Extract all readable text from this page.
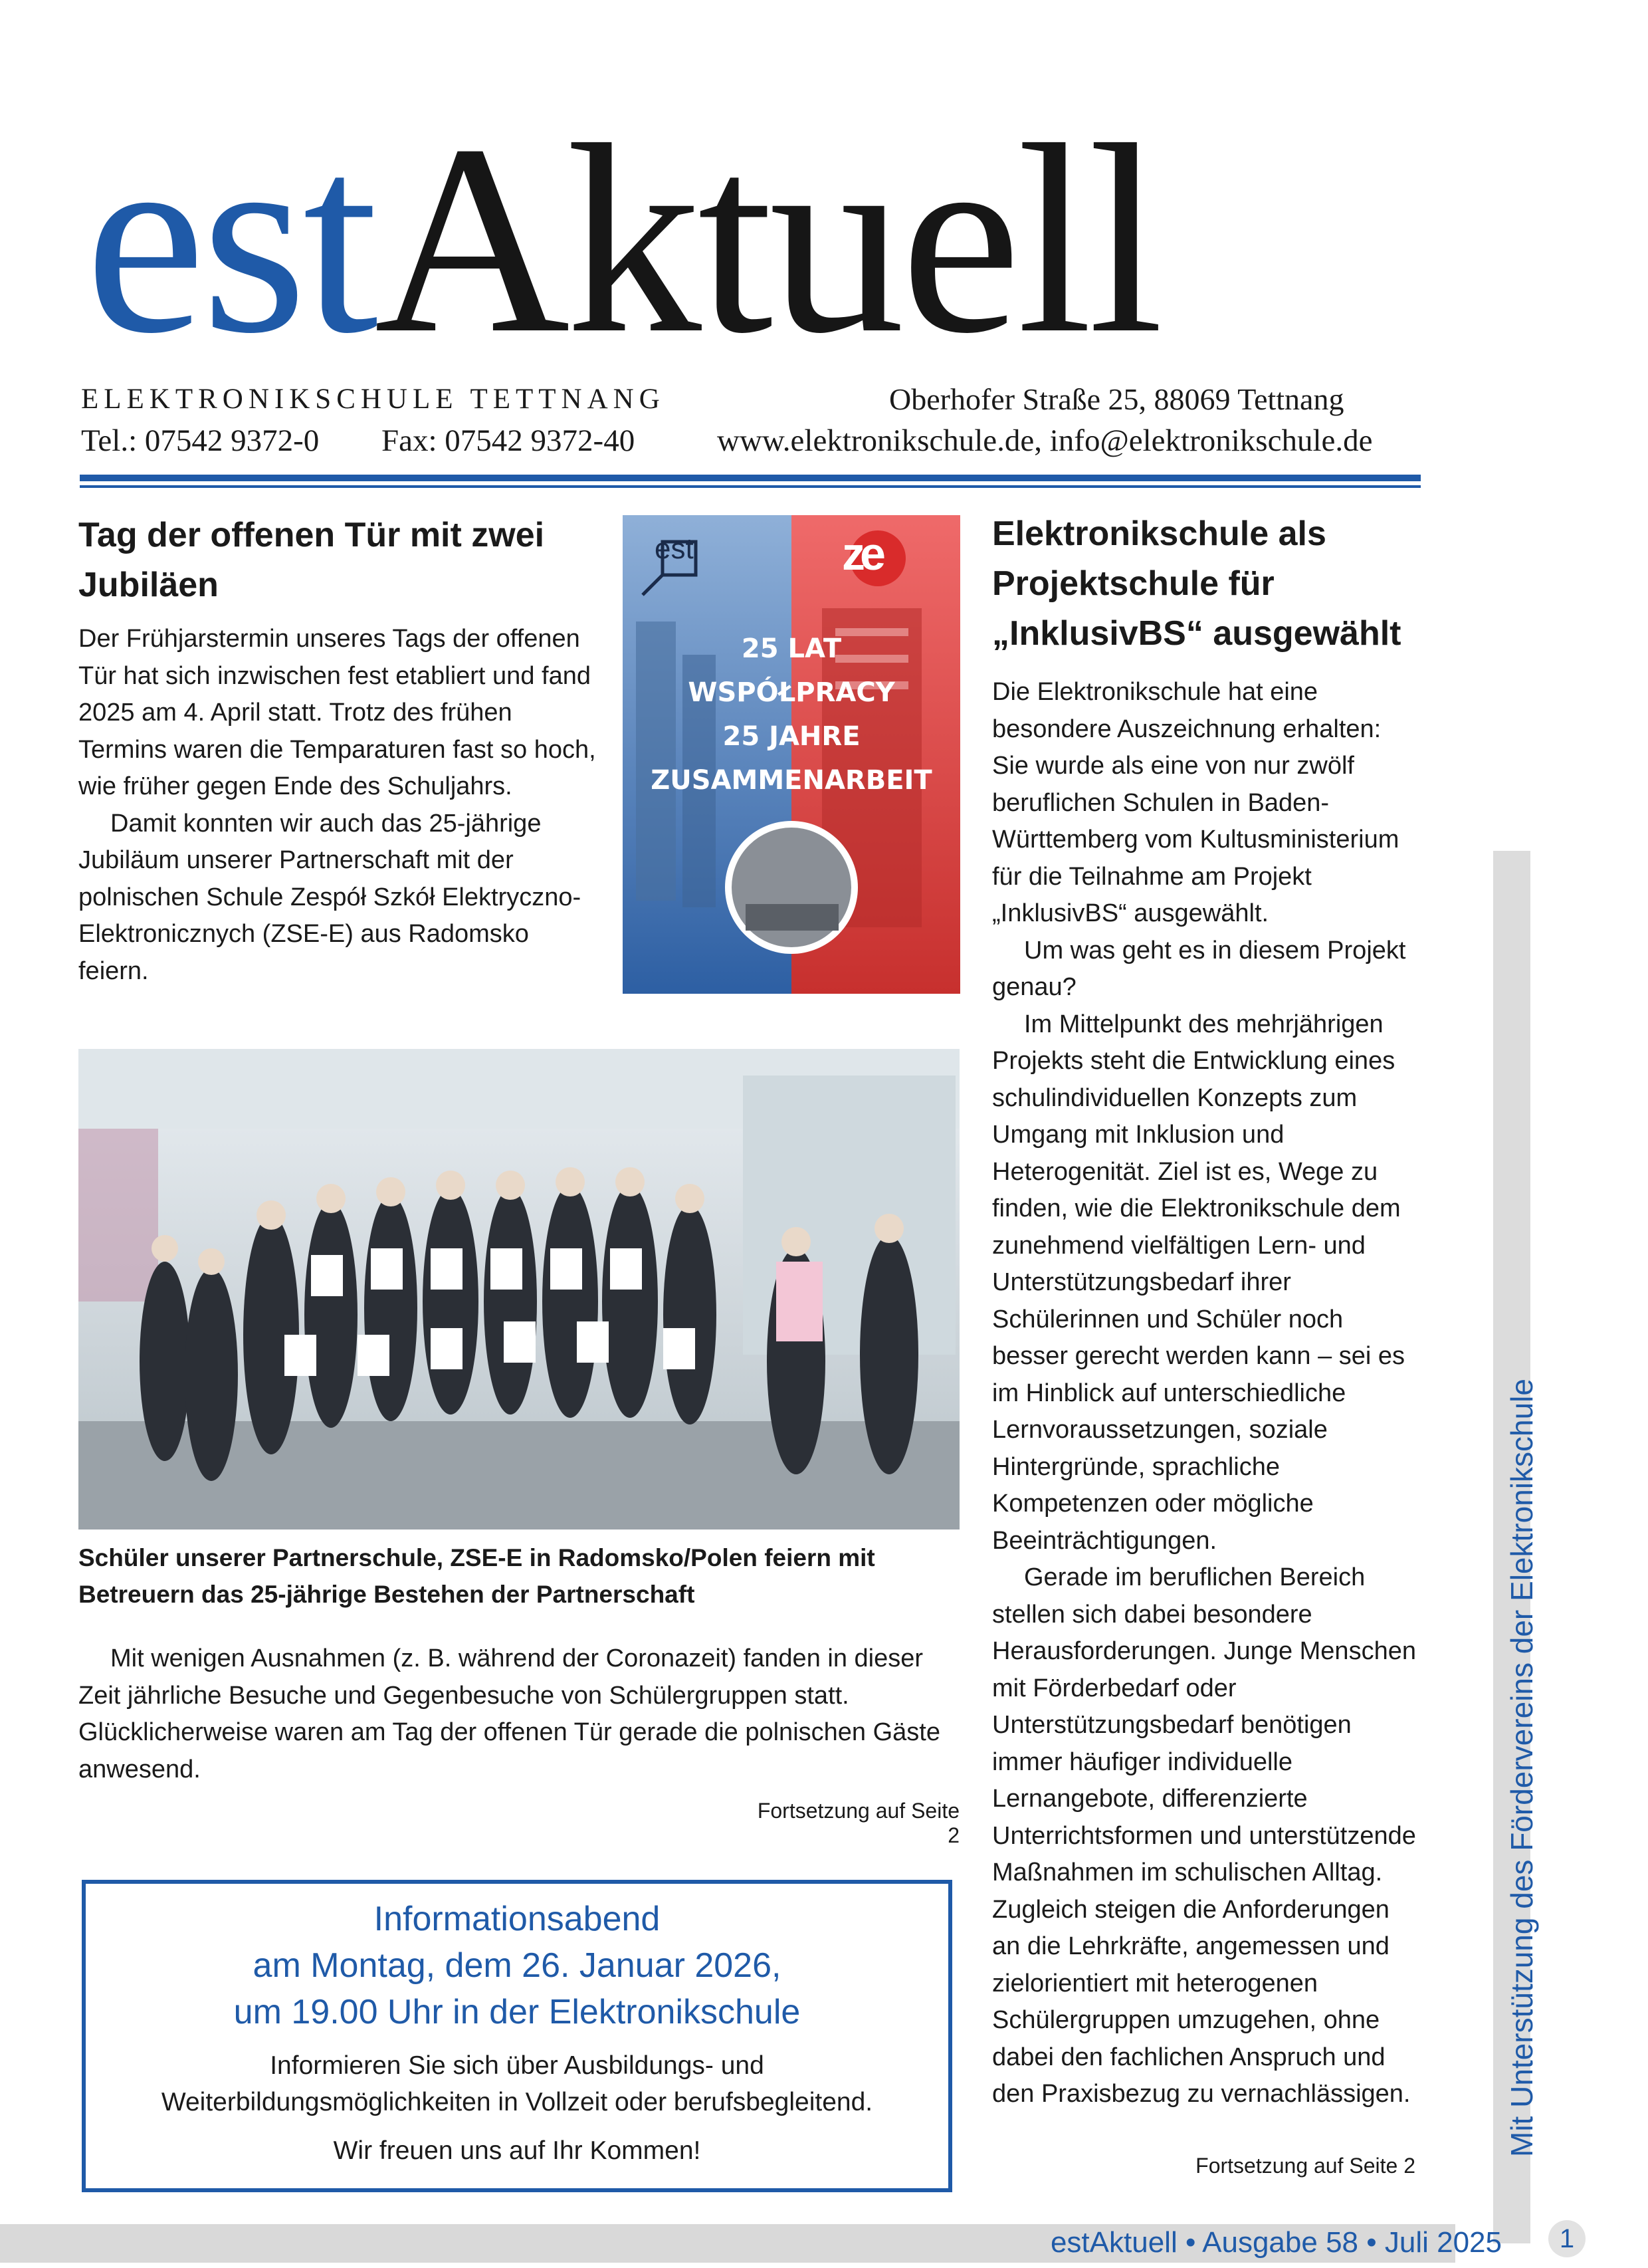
estAktuell
ELEKTRONIKSCHULE TETTNANG	Oberhofer Straße 25, 88069 Tettnang
Tel.: 07542 9372-0 Fax: 07542 9372-40	www.elektronikschule.de, info@elektronikschule.de
Tag der offenen Tür mit zwei Jubiläen

Der Frühjarstermin unseres Tags der offenen Tür hat sich inzwischen fest etabliert und fand 2025 am 4. April statt. Trotz des frühen Termins waren die Temparaturen fast so hoch, wie früher gegen Ende des Schuljahrs.

Damit konnten wir auch das 25-jährige Jubiläum unserer Partnerschaft mit der polnischen Schule Zespół Szkół Elektryczno-Elektronicznych (ZSE-E) aus Radomsko feiern.

est	ze
25 LAT
WSPÓŁPRACY
25 JAHRE
ZUSAMMENARBEIT
Schüler unserer Partnerschule, ZSE-E in Radomsko/Polen feiern mit Betreuern das 25-jährige Bestehen der Partnerschaft

Mit wenigen Ausnahmen (z. B. während der Coronazeit) fanden in dieser Zeit jährliche Besuche und Gegenbesuche von Schülergruppen statt. Glücklicherweise waren am Tag der offenen Tür gerade die polnischen Gäste anwesend.

Fortsetzung auf Seite 2
Informationsabend
am Montag, dem 26. Januar 2026,
um 19.00 Uhr in der Elektronikschule
Informieren Sie sich über Ausbildungs- und Weiterbildungsmöglichkeiten in Vollzeit oder berufsbegleitend.
Wir freuen uns auf Ihr Kommen!
Elektronikschule als Projektschule für „InklusivBS“ ausgewählt

Die Elektronikschule hat eine besondere Auszeichnung erhalten: Sie wurde als eine von nur zwölf beruflichen Schulen in Baden-Württemberg vom Kultusministerium für die Teilnahme am Projekt „InklusivBS“ ausgewählt.

Um was geht es in diesem Projekt genau?

Im Mittelpunkt des mehrjährigen Projekts steht die Entwicklung eines schulindividuellen Konzepts zum Umgang mit Inklusion und Heterogenität. Ziel ist es, Wege zu finden, wie die Elektronikschule dem zunehmend vielfältigen Lern- und Unterstützungsbedarf ihrer Schülerinnen und Schüler noch besser gerecht werden kann – sei es im Hinblick auf unterschiedliche Lernvoraussetzungen, soziale Hintergründe, sprachliche Kompetenzen oder mögliche Beeinträchtigungen.

Gerade im beruflichen Bereich stellen sich dabei besondere Herausforderungen. Junge Menschen mit Förderbedarf oder Unterstützungsbedarf benötigen immer häufiger individuelle Lernangebote, differenzierte Unterrichtsformen und unterstützende Maßnahmen im schulischen Alltag. Zugleich steigen die Anforderungen an die Lehrkräfte, angemessen und zielorientiert mit heterogenen Schülergruppen umzugehen, ohne dabei den fachlichen Anspruch und den Praxisbezug zu vernachlässigen.

Fortsetzung auf Seite 2
Mit Unterstützung des Fördervereins der Elektronikschule
estAktuell • Ausgabe 58 • Juli 2025	1
